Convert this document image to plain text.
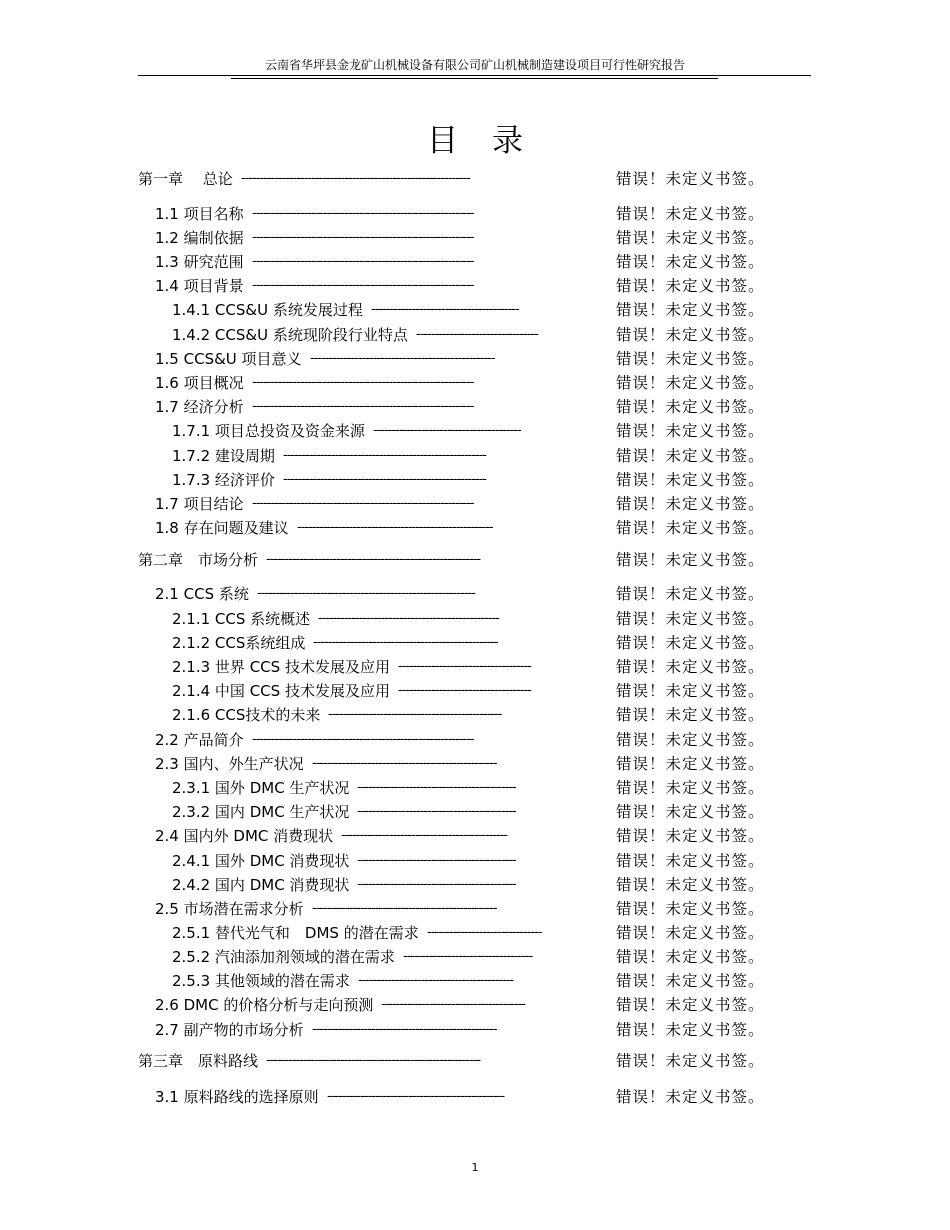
云南省华坪县金龙矿山机械设备有限公司矿山机械制造建设项目可行性研究报告
目录
第一章　 总论 --------------------------------------------------------------	错误！未定义书签。
1.1 项目名称 ------------------------------------------------------------	错误！未定义书签。
1.2 编制依据 ------------------------------------------------------------	错误！未定义书签。
1.3 研究范围 ------------------------------------------------------------	错误！未定义书签。
1.4 项目背景 ------------------------------------------------------------	错误！未定义书签。
1.4.1 CCS&U 系统发展过程 ----------------------------------------	错误！未定义书签。
1.4.2 CCS&U 系统现阶段行业特点 ---------------------------------	错误！未定义书签。
1.5 CCS&U 项目意义 --------------------------------------------------	错误！未定义书签。
1.6 项目概况 ------------------------------------------------------------	错误！未定义书签。
1.7 经济分析 ------------------------------------------------------------	错误！未定义书签。
1.7.1 项目总投资及资金来源 ----------------------------------------	错误！未定义书签。
1.7.2 建设周期 -------------------------------------------------------	错误！未定义书签。
1.7.3 经济评价 -------------------------------------------------------	错误！未定义书签。
1.7 项目结论 ------------------------------------------------------------	错误！未定义书签。
1.8 存在问题及建议 -----------------------------------------------------	错误！未定义书签。
第二章　市场分析 ----------------------------------------------------------	错误！未定义书签。
2.1 CCS 系统 -----------------------------------------------------------	错误！未定义书签。
2.1.1 CCS 系统概述 -------------------------------------------------	错误！未定义书签。
2.1.2 CCS系统组成 --------------------------------------------------	错误！未定义书签。
2.1.3 世界 CCS 技术发展及应用 ------------------------------------	错误！未定义书签。
2.1.4 中国 CCS 技术发展及应用 ------------------------------------	错误！未定义书签。
2.1.6 CCS技术的未来 -----------------------------------------------	错误！未定义书签。
2.2 产品简介 ------------------------------------------------------------	错误！未定义书签。
2.3 国内、外生产状况 --------------------------------------------------	错误！未定义书签。
2.3.1 国外 DMC 生产状况 -------------------------------------------	错误！未定义书签。
2.3.2 国内 DMC 生产状况 -------------------------------------------	错误！未定义书签。
2.4 国内外 DMC 消费现状 ---------------------------------------------	错误！未定义书签。
2.4.1 国外 DMC 消费现状 -------------------------------------------	错误！未定义书签。
2.4.2 国内 DMC 消费现状 -------------------------------------------	错误！未定义书签。
2.5 市场潜在需求分析 --------------------------------------------------	错误！未定义书签。
2.5.1 替代光气和　DMS 的潜在需求 -------------------------------	错误！未定义书签。
2.5.2 汽油添加剂领域的潜在需求 -----------------------------------	错误！未定义书签。
2.5.3 其他领域的潜在需求 ------------------------------------------	错误！未定义书签。
2.6 DMC 的价格分析与走向预测 ---------------------------------------	错误！未定义书签。
2.7 副产物的市场分析 --------------------------------------------------	错误！未定义书签。
第三章　原料路线 ----------------------------------------------------------	错误！未定义书签。
3.1 原料路线的选择原则 ------------------------------------------------	错误！未定义书签。
1
